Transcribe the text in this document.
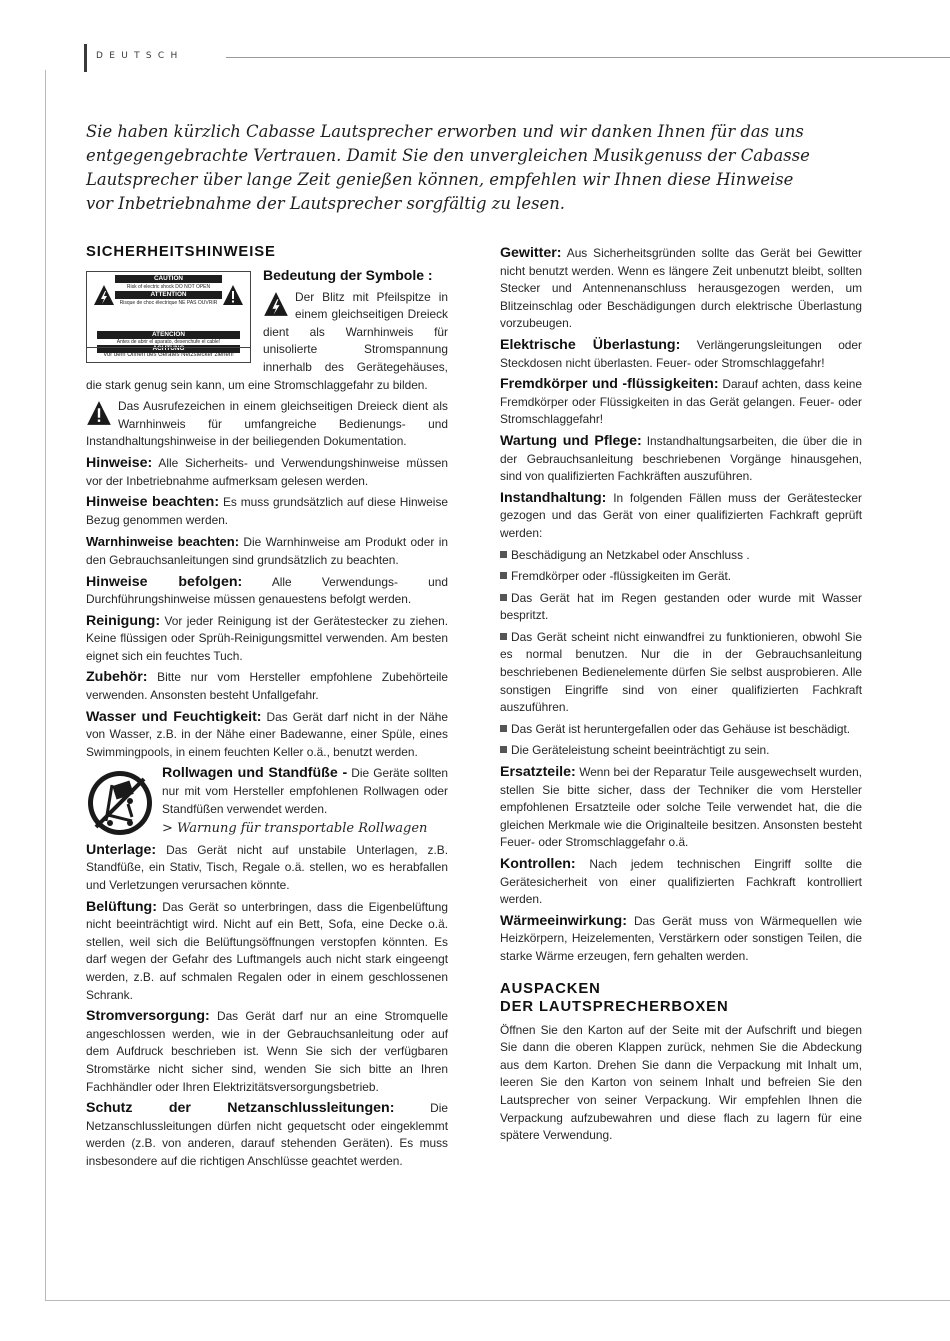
DEUTSCH
Sie haben kürzlich Cabasse Lautsprecher erworben und wir danken Ihnen für das uns entgegengebrachte Vertrauen. Damit Sie den unvergleichen Musikgenuss der Cabasse Lautsprecher über lange Zeit genießen können, empfehlen wir Ihnen diese Hinweise vor Inbetriebnahme der Lautsprecher sorgfältig zu lesen.
SICHERHEITSHINWEISE
CAUTION
Risk of electric shock DO NOT OPEN
ATTENTION
Risque de choc électrique NE PAS OUVRIR
ATENCIÓN
Antes de abrir el aparato, desenchufe el cable!
ACHTUNG
Vor dem Öffnen des Gerätes Netzstecker ziehen!
Bedeutung der Symbole :

Der Blitz mit Pfeilspitze in einem gleichseitigen Dreieck dient als Warnhinweis für unisolierte Stromspannung innerhalb des Gerätegehäuses, die stark genug sein kann, um eine Stromschlaggefahr zu bilden.

Das Ausrufezeichen in einem gleichseitigen Dreieck dient als Warnhinweis für umfangreiche Bedienungs- und Instandhaltungshinweise in der beiliegenden Dokumentation.

Hinweise: Alle Sicherheits- und Verwendungshinweise müssen vor der Inbetriebnahme aufmerksam gelesen werden.

Hinweise beachten: Es muss grundsätzlich auf diese Hinweise Bezug genommen werden.

Warnhinweise beachten: Die Warnhinweise am Produkt oder in den Gebrauchsanleitungen sind grundsätzlich zu beachten.

Hinweise befolgen: Alle Verwendungs- und Durchführungshinweise müssen genauestens befolgt werden.

Reinigung: Vor jeder Reinigung ist der Gerätestecker zu ziehen. Keine flüssigen oder Sprüh-Reinigungsmittel verwenden. Am besten eignet sich ein feuchtes Tuch.

Zubehör: Bitte nur vom Hersteller empfohlene Zubehörteile verwenden. Ansonsten besteht Unfallgefahr.

Wasser und Feuchtigkeit: Das Gerät darf nicht in der Nähe von Wasser, z.B. in der Nähe einer Badewanne, einer Spüle, eines Swimmingpools, in einem feuchten Keller o.ä., benutzt werden.

Rollwagen und Standfüße - Die Geräte sollten nur mit vom Hersteller empfohlenen Rollwagen oder Standfüßen verwendet werden.
> Warnung für transportable Rollwagen

Unterlage: Das Gerät nicht auf unstabile Unterlagen, z.B. Standfüße, ein Stativ, Tisch, Regale o.ä. stellen, wo es herabfallen und Verletzungen verursachen könnte.

Belüftung: Das Gerät so unterbringen, dass die Eigenbelüftung nicht beeinträchtigt wird. Nicht auf ein Bett, Sofa, eine Decke o.ä. stellen, weil sich die Belüftungsöffnungen verstopfen könnten. Es darf wegen der Gefahr des Luftmangels auch nicht stark eingeengt werden, z.B. auf schmalen Regalen oder in einem geschlossenen Schrank.

Stromversorgung: Das Gerät darf nur an eine Stromquelle angeschlossen werden, wie in der Gebrauchsanleitung oder auf dem Aufdruck beschrieben ist. Wenn Sie sich der verfügbaren Stromstärke nicht sicher sind, wenden Sie sich bitte an Ihren Fachhändler oder Ihren Elektrizitätsversorgungsbetrieb.

Schutz der Netzanschlussleitungen:	Die Netzanschlussleitungen dürfen nicht gequetscht oder eingeklemmt werden (z.B. von anderen, darauf stehenden Geräten). Es muss insbesondere auf die richtigen Anschlüsse geachtet werden.

Gewitter: Aus Sicherheitsgründen sollte das Gerät bei Gewitter nicht benutzt werden. Wenn es längere Zeit unbenutzt bleibt, sollten Stecker und Antennenanschluss herausgezogen werden, um Blitzeinschlag oder Beschädigungen durch elektrische Überlastung vorzubeugen.

Elektrische Überlastung: Verlängerungsleitungen oder Steckdosen nicht überlasten. Feuer- oder Stromschlaggefahr!

Fremdkörper und -flüssigkeiten: Darauf achten, dass keine Fremdkörper oder Flüssigkeiten in das Gerät gelangen. Feuer- oder Stromschlaggefahr!

Wartung und Pflege: Instandhaltungsarbeiten, die über die in der Gebrauchsanleitung beschriebenen Vorgänge hinausgehen, sind von qualifizierten Fachkräften auszuführen.

Instandhaltung: In folgenden Fällen muss der Gerätestecker gezogen und das Gerät von einer qualifizierten Fachkraft geprüft werden:

Beschädigung an Netzkabel oder Anschluss .

Fremdkörper oder -flüssigkeiten im Gerät.

Das Gerät hat im Regen gestanden oder wurde mit Wasser bespritzt.

Das Gerät scheint nicht einwandfrei zu funktionieren, obwohl Sie es normal benutzen. Nur die in der Gebrauchsanleitung beschriebenen Bedienelemente dürfen Sie selbst ausprobieren. Alle sonstigen Eingriffe sind von einer qualifizierten Fachkraft auszuführen.

Das Gerät ist heruntergefallen oder das Gehäuse ist beschädigt.

Die Geräteleistung scheint beeinträchtigt zu sein.

Ersatzteile: Wenn bei der Reparatur Teile ausgewechselt wurden, stellen Sie bitte sicher, dass der Techniker die vom Hersteller empfohlenen Ersatzteile oder solche Teile verwendet hat, die die gleichen Merkmale wie die Originalteile besitzen. Ansonsten besteht Feuer- oder Stromschlaggefahr o.ä.

Kontrollen: Nach jedem technischen Eingriff sollte die Gerätesicherheit von einer qualifizierten Fachkraft kontrolliert werden.

Wärmeeinwirkung: Das Gerät muss von Wärmequellen wie Heizkörpern, Heizelementen, Verstärkern oder sonstigen Teilen, die starke Wärme erzeugen, fern gehalten werden.

AUSPACKEN
DER LAUTSPRECHERBOXEN

Öffnen Sie den Karton auf der Seite mit der Aufschrift und biegen Sie dann die oberen Klappen zurück, nehmen Sie die Abdeckung aus dem Karton. Drehen Sie dann die Verpackung mit Inhalt um, leeren Sie den Karton von seinem Inhalt und befreien Sie den Lautsprecher von seiner Verpackung. Wir empfehlen Ihnen die Verpackung aufzubewahren und diese flach zu lagern für eine spätere Verwendung.
